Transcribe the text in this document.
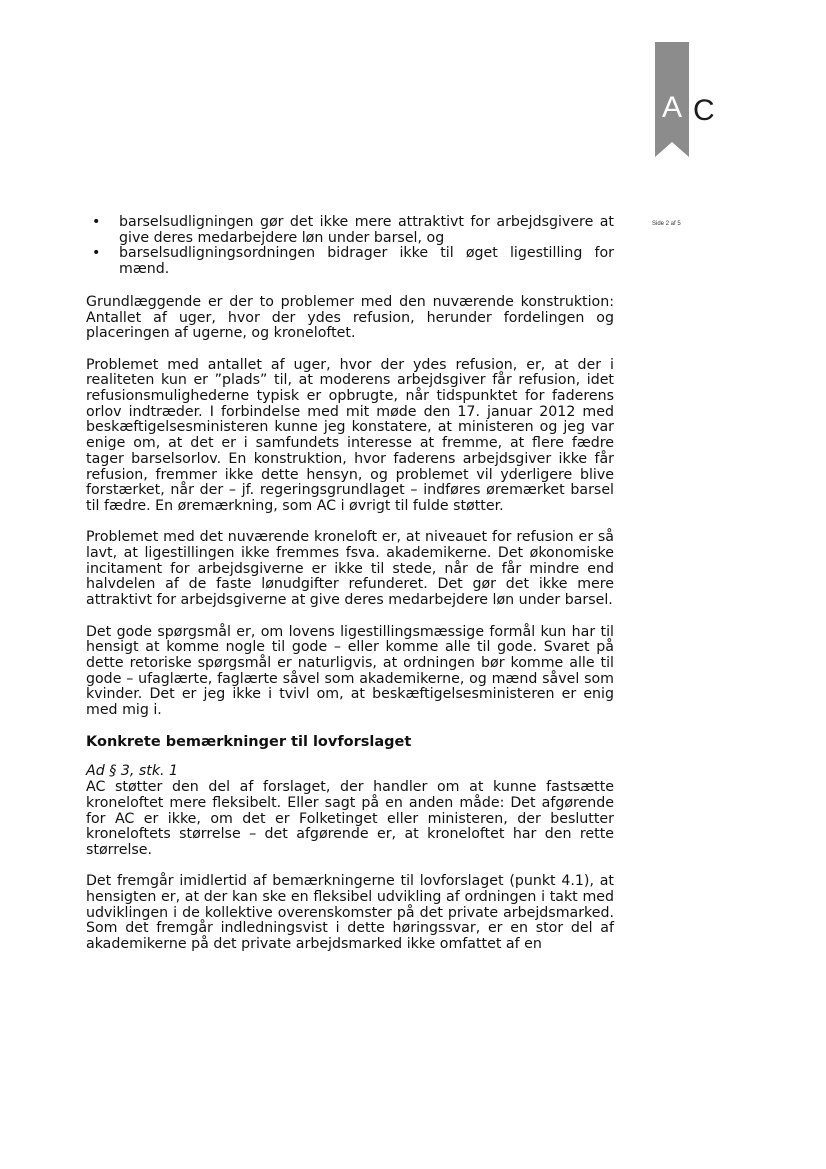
A C
Side 2 af 5
• barselsudligningen gør det ikke mere attraktivt for arbejdsgivere at give deres medarbejdere løn under barsel, og
• barselsudligningsordningen bidrager ikke til øget ligestilling for mænd.

Grundlæggende er der to problemer med den nuværende konstruktion: Antallet af uger, hvor der ydes refusion, herunder fordelingen og placeringen af ugerne, og kroneloftet.

Problemet med antallet af uger, hvor der ydes refusion, er, at der i realiteten kun er ”plads” til, at moderens arbejdsgiver får refusion, idet refusionsmulighederne typisk er opbrugte, når tidspunktet for faderens orlov indtræder. I forbindelse med mit møde den 17. januar 2012 med beskæftigelsesministeren kunne jeg konstatere, at ministeren og jeg var enige om, at det er i samfundets interesse at fremme, at flere fædre tager barselsorlov. En konstruktion, hvor faderens arbejdsgiver ikke får refusion, fremmer ikke dette hensyn, og problemet vil yderligere blive forstærket, når der – jf. regeringsgrundlaget – indføres øremærket barsel til fædre. En øremærkning, som AC i øvrigt til fulde støtter.

Problemet med det nuværende kroneloft er, at niveauet for refusion er så lavt, at ligestillingen ikke fremmes fsva. akademikerne. Det økonomiske incitament for arbejdsgiverne er ikke til stede, når de får mindre end halvdelen af de faste lønudgifter refunderet. Det gør det ikke mere attraktivt for arbejdsgiverne at give deres medarbejdere løn under barsel.

Det gode spørgsmål er, om lovens ligestillingsmæssige formål kun har til hensigt at komme nogle til gode – eller komme alle til gode. Svaret på dette retoriske spørgsmål er naturligvis, at ordningen bør komme alle til gode – ufaglærte, faglærte såvel som akademikerne, og mænd såvel som kvinder. Det er jeg ikke i tvivl om, at beskæftigelsesministeren er enig med mig i.

Konkrete bemærkninger til lovforslaget

Ad § 3, stk. 1
AC støtter den del af forslaget, der handler om at kunne fastsætte kroneloftet mere fleksibelt. Eller sagt på en anden måde: Det afgørende for AC er ikke, om det er Folketinget eller ministeren, der beslutter kroneloftets størrelse – det afgørende er, at kroneloftet har den rette størrelse.

Det fremgår imidlertid af bemærkningerne til lovforslaget (punkt 4.1), at hensigten er, at der kan ske en fleksibel udvikling af ordningen i takt med udviklingen i de kollektive overenskomster på det private arbejdsmarked. Som det fremgår indledningsvist i dette høringssvar, er en stor del af akademikerne på det private arbejdsmarked ikke omfattet af en
